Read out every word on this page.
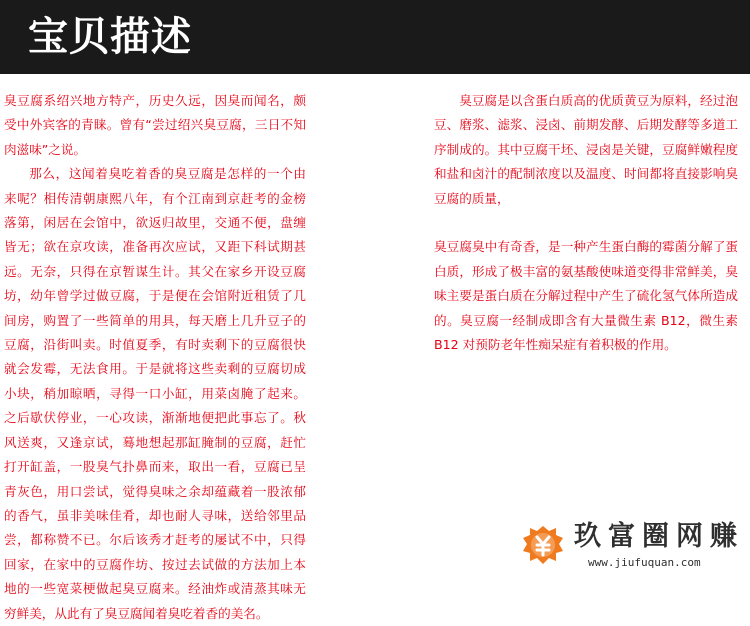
宝贝描述

臭豆腐系绍兴地方特产，历史久远，因臭而闻名，颇受中外宾客的青睐。曾有“尝过绍兴臭豆腐，三日不知肉滋味”之说。

那么，这闻着臭吃着香的臭豆腐是怎样的一个由来呢？相传清朝康熙八年，有个江南到京赶考的金榜落第，闲居在会馆中，欲返归故里，交通不便，盘缠皆无；欲在京攻读，准备再次应试，又距下科试期甚远。无奈，只得在京暂谋生计。其父在家乡开设豆腐坊，幼年曾学过做豆腐，于是便在会馆附近租赁了几间房，购置了一些简单的用具，每天磨上几升豆子的豆腐，沿街叫卖。时值夏季，有时卖剩下的豆腐很快就会发霉，无法食用。于是就将这些卖剩的豆腐切成小块，稍加晾晒，寻得一口小缸，用菜卤腌了起来。之后歇伏停业，一心攻读，渐渐地便把此事忘了。秋风送爽，又逢京试，蓦地想起那缸腌制的豆腐，赶忙打开缸盖，一股臭气扑鼻而来，取出一看，豆腐已呈青灰色，用口尝试，觉得臭味之余却蕴藏着一股浓郁的香气，虽非美味佳肴，却也耐人寻味，送给邻里品尝，都称赞不已。尔后该秀才赶考的屡试不中，只得回家，在家中的豆腐作坊、按过去试做的方法加上本地的一些宽菜梗做起臭豆腐来。经油炸或清蒸其味无穷鲜美，从此有了臭豆腐闻着臭吃着香的美名。

臭豆腐是以含蛋白质高的优质黄豆为原料，经过泡豆、磨浆、滤浆、浸卤、前期发酵、后期发酵等多道工序制成的。其中豆腐干坯、浸卤是关键，豆腐鲜嫩程度和盐和卤汁的配制浓度以及温度、时间都将直接影响臭豆腐的质量，

臭豆腐臭中有奇香，是一种产生蛋白酶的霉菌分解了蛋白质，形成了极丰富的氨基酸使味道变得非常鲜美，臭味主要是蛋白质在分解过程中产生了硫化氢气体所造成的。臭豆腐一经制成即含有大量微生素 B12，微生素 B12 对预防老年性痴呆症有着积极的作用。

玖富圈网赚
www.jiufuquan.com
